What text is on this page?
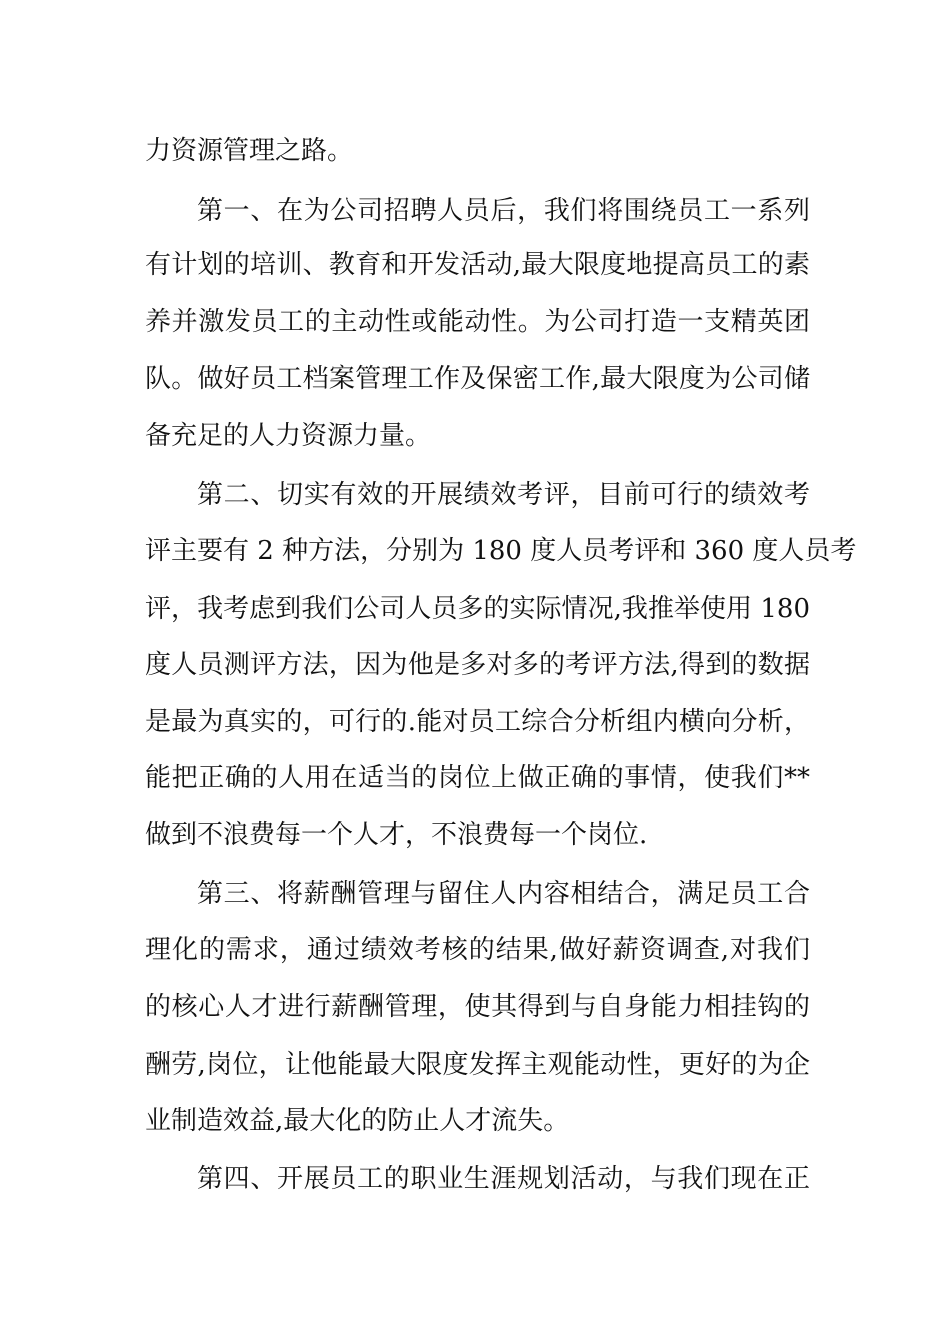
力资源管理之路。
第一、在为公司招聘人员后，我们将围绕员工一系列
有计划的培训、教育和开发活动,最大限度地提高员工的素
养并激发员工的主动性或能动性。为公司打造一支精英团
队。做好员工档案管理工作及保密工作,最大限度为公司储
备充足的人力资源力量。
第二、切实有效的开展绩效考评，目前可行的绩效考
评主要有 2 种方法，分别为 180 度人员考评和 360 度人员考
评，我考虑到我们公司人员多的实际情况,我推举使用 180
度人员测评方法，因为他是多对多的考评方法,得到的数据
是最为真实的，可行的.能对员工综合分析组内横向分析，
能把正确的人用在适当的岗位上做正确的事情，使我们**
做到不浪费每一个人才，不浪费每一个岗位.
第三、将薪酬管理与留住人内容相结合，满足员工合
理化的需求，通过绩效考核的结果,做好薪资调查,对我们
的核心人才进行薪酬管理，使其得到与自身能力相挂钩的
酬劳,岗位，让他能最大限度发挥主观能动性，更好的为企
业制造效益,最大化的防止人才流失。
第四、开展员工的职业生涯规划活动，与我们现在正
